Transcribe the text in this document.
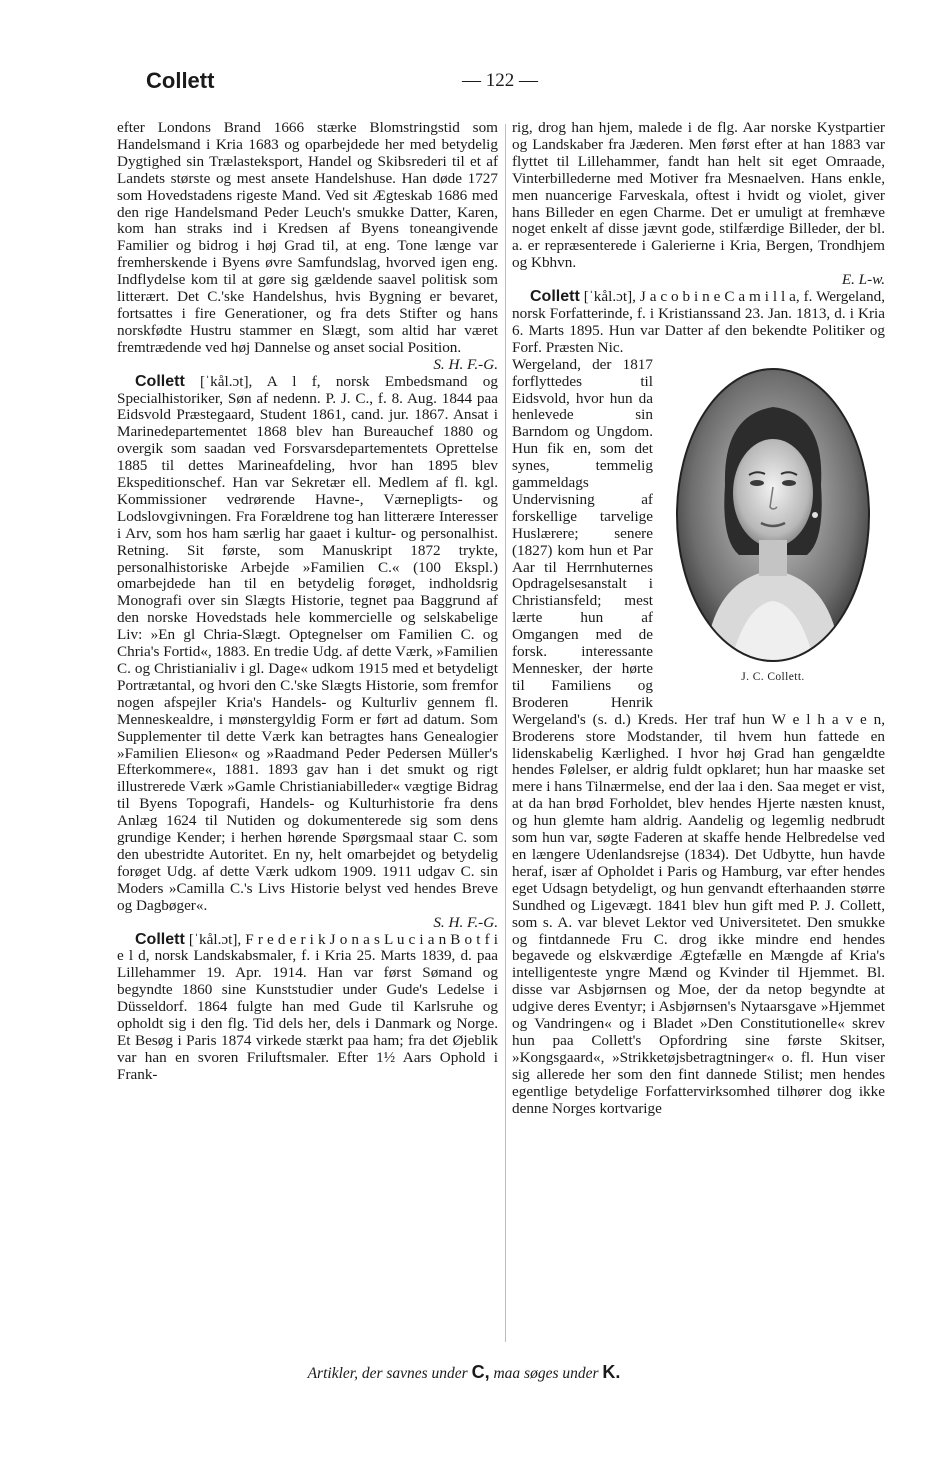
Collett	— 122 —

efter Londons Brand 1666 stærke Blomstringstid som Handelsmand i Kria 1683 og oparbejdede her med betydelig Dygtighed sin Trælasteksport, Handel og Skibsrederi til et af Landets største og mest ansete Handelshuse. Han døde 1727 som Hovedstadens rigeste Mand. Ved sit Ægteskab 1686 med den rige Handelsmand Peder Leuch's smukke Datter, Karen, kom han straks ind i Kredsen af Byens toneangivende Familier og bidrog i høj Grad til, at eng. Tone længe var fremherskende i Byens øvre Samfundslag, hvorved igen eng. Indflydelse kom til at gøre sig gældende saavel politisk som litterært. Det C.'ske Handelshus, hvis Bygning er bevaret, fortsattes i fire Generationer, og fra dets Stifter og hans norskfødte Hustru stammer en Slægt, som altid har været fremtrædende ved høj Dannelse og anset social Position.

S. H. F.-G.

Collett [ˈkål.ɔt], A l f, norsk Embedsmand og Specialhistoriker, Søn af nedenn. P. J. C., f. 8. Aug. 1844 paa Eidsvold Præstegaard, Student 1861, cand. jur. 1867. Ansat i Marinedepartementet 1868 blev han Bureauchef 1880 og overgik som saadan ved Forsvarsdepartementets Oprettelse 1885 til dettes Marineafdeling, hvor han 1895 blev Ekspeditionschef. Han var Sekretær ell. Medlem af fl. kgl. Kommissioner vedrørende Havne-, Værnepligts- og Lodslovgivningen. Fra Forældrene tog han litterære Interesser i Arv, som hos ham særlig har gaaet i kultur- og personalhist. Retning. Sit første, som Manuskript 1872 trykte, personalhistoriske Arbejde »Familien C.« (100 Ekspl.) omarbejdede han til en betydelig forøget, indholdsrig Monografi over sin Slægts Historie, tegnet paa Baggrund af den norske Hovedstads hele kommercielle og selskabelige Liv: »En gl Chria-Slægt. Optegnelser om Familien C. og Chria's Fortid«, 1883. En tredie Udg. af dette Værk, »Familien C. og Christianialiv i gl. Dage« udkom 1915 med et betydeligt Portrætantal, og hvori den C.'ske Slægts Historie, som fremfor nogen afspejler Kria's Handels- og Kulturliv gennem fl. Menneskealdre, i mønstergyldig Form er ført ad datum. Som Supplementer til dette Værk kan betragtes hans Genealogier »Familien Elieson« og »Raadmand Peder Pedersen Müller's Efterkommere«, 1881. 1893 gav han i det smukt og rigt illustrerede Værk »Gamle Christianiabilleder« vægtige Bidrag til Byens Topografi, Handels- og Kulturhistorie fra dens Anlæg 1624 til Nutiden og dokumenterede sig som dens grundige Kender; i herhen hørende Spørgsmaal staar C. som den ubestridte Autoritet. En ny, helt omarbejdet og betydelig forøget Udg. af dette Værk udkom 1909. 1911 udgav C. sin Moders »Camilla C.'s Livs Historie belyst ved hendes Breve og Dagbøger«.

S. H. F.-G.

Collett [ˈkål.ɔt], F r e d e r i k J o n a s L u c i a n B o t f i e l d, norsk Landskabsmaler, f. i Kria 25. Marts 1839, d. paa Lillehammer 19. Apr. 1914. Han var først Sømand og begyndte 1860 sine Kunststudier under Gude's Ledelse i Düsseldorf. 1864 fulgte han med Gude til Karlsruhe og opholdt sig i den flg. Tid dels her, dels i Danmark og Norge. Et Besøg i Paris 1874 virkede stærkt paa ham; fra det Øjeblik var han en svoren Friluftsmaler. Efter 1½ Aars Ophold i Frank-

rig, drog han hjem, malede i de flg. Aar norske Kystpartier og Landskaber fra Jæderen. Men først efter at han 1883 var flyttet til Lillehammer, fandt han helt sit eget Omraade, Vinterbillederne med Motiver fra Mesnaelven. Hans enkle, men nuancerige Farveskala, oftest i hvidt og violet, giver hans Billeder en egen Charme. Det er umuligt at fremhæve noget enkelt af disse jævnt gode, stilfærdige Billeder, der bl. a. er repræsenterede i Galerierne i Kria, Bergen, Trondhjem og Kbhvn.

E. L-w.

Collett [ˈkål.ɔt], J a c o b i n e C a m i l l a, f. Wergeland, norsk Forfatterinde, f. i Kristianssand 23. Jan. 1813, d. i Kria 6. Marts 1895. Hun var Datter af den bekendte Politiker og Forf. Præsten Nic.

J. C. Collett.

Wergeland, der 1817 forflyttedes til Eidsvold, hvor hun da henlevede sin Barndom og Ungdom. Hun fik en, som det synes, temmelig gammeldags Undervisning af forskellige tarvelige Huslærere; senere (1827) kom hun et Par Aar til Herrnhuternes Opdragelsesanstalt i Christiansfeld; mest lærte hun af Omgangen med de forsk. interessante Mennesker, der hørte til Familiens og Broderen Henrik Wergeland's (s. d.) Kreds. Her traf hun W e l h a v e n, Broderens store Modstander, til hvem hun fattede en lidenskabelig Kærlighed. I hvor høj Grad han gengældte hendes Følelser, er aldrig fuldt opklaret; hun har maaske set mere i hans Tilnærmelse, end der laa i den. Saa meget er vist, at da han brød Forholdet, blev hendes Hjerte næsten knust, og hun glemte ham aldrig. Aandelig og legemlig nedbrudt som hun var, søgte Faderen at skaffe hende Helbredelse ved en længere Udenlandsrejse (1834). Det Udbytte, hun havde heraf, især af Opholdet i Paris og Hamburg, var efter hendes eget Udsagn betydeligt, og hun genvandt efterhaanden større Sundhed og Ligevægt. 1841 blev hun gift med P. J. Collett, som s. A. var blevet Lektor ved Universitetet. Den smukke og fintdannede Fru C. drog ikke mindre end hendes begavede og elskværdige Ægtefælle en Mængde af Kria's intelligenteste yngre Mænd og Kvinder til Hjemmet. Bl. disse var Asbjørnsen og Moe, der da netop begyndte at udgive deres Eventyr; i Asbjørnsen's Nytaarsgave »Hjemmet og Vandringen« og i Bladet »Den Constitutionelle« skrev hun paa Collett's Opfordring sine første Skitser, »Kongsgaard«, »Strikketøjsbetragtninger« o. fl. Hun viser sig allerede her som den fint dannede Stilist; men hendes egentlige betydelige Forfattervirksomhed tilhører dog ikke denne Norges kortvarige

Artikler, der savnes under C, maa søges under K.
